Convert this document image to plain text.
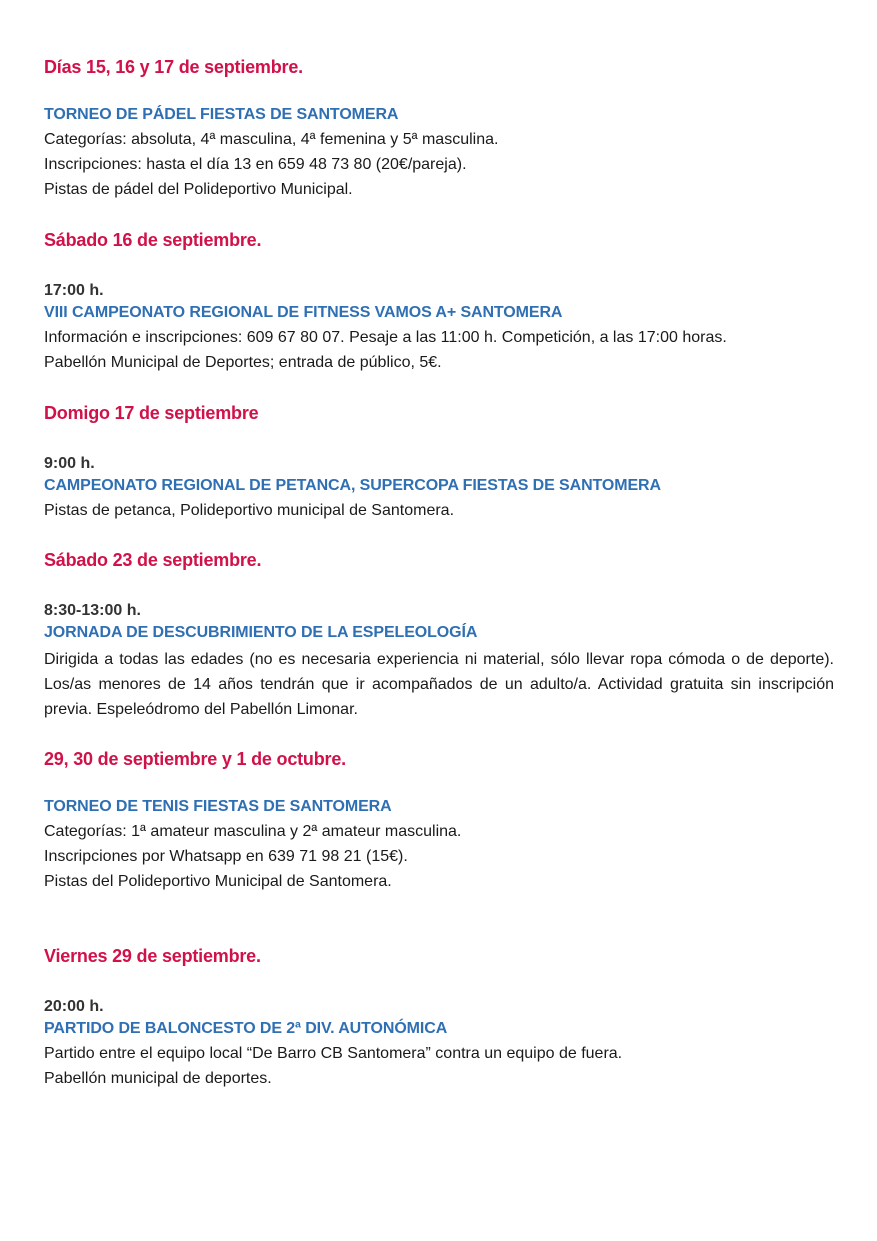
Días 15, 16 y 17 de septiembre.
TORNEO DE PÁDEL FIESTAS DE SANTOMERA
Categorías: absoluta, 4ª masculina, 4ª femenina y 5ª masculina.
Inscripciones: hasta el día 13 en 659 48 73 80 (20€/pareja).
Pistas de pádel del Polideportivo Municipal.
Sábado 16 de septiembre.
17:00 h.
VIII CAMPEONATO REGIONAL DE FITNESS VAMOS A+ SANTOMERA
Información e inscripciones: 609 67 80 07. Pesaje a las 11:00 h. Competición, a las 17:00 horas.
Pabellón Municipal de Deportes; entrada de público, 5€.
Domigo 17 de septiembre
9:00 h.
CAMPEONATO REGIONAL DE PETANCA, SUPERCOPA FIESTAS DE SANTOMERA
Pistas de petanca, Polideportivo municipal de Santomera.
Sábado 23 de septiembre.
8:30-13:00 h.
JORNADA DE DESCUBRIMIENTO DE LA ESPELEOLOGÍA
Dirigida a todas las edades (no es necesaria experiencia ni material, sólo llevar ropa cómoda o de deporte). Los/as menores de 14 años tendrán que ir acompañados de un adulto/a. Actividad gratuita sin inscripción previa. Espeleódromo del Pabellón Limonar.
29, 30 de septiembre y 1 de octubre.
TORNEO DE TENIS FIESTAS DE SANTOMERA
Categorías: 1ª amateur masculina y 2ª amateur masculina.
Inscripciones por Whatsapp en 639 71 98 21 (15€).
Pistas del Polideportivo Municipal de Santomera.
Viernes 29 de septiembre.
20:00 h.
PARTIDO DE BALONCESTO DE 2ª DIV. AUTONÓMICA
Partido entre el equipo local “De Barro CB Santomera” contra un equipo de fuera.
Pabellón municipal de deportes.
